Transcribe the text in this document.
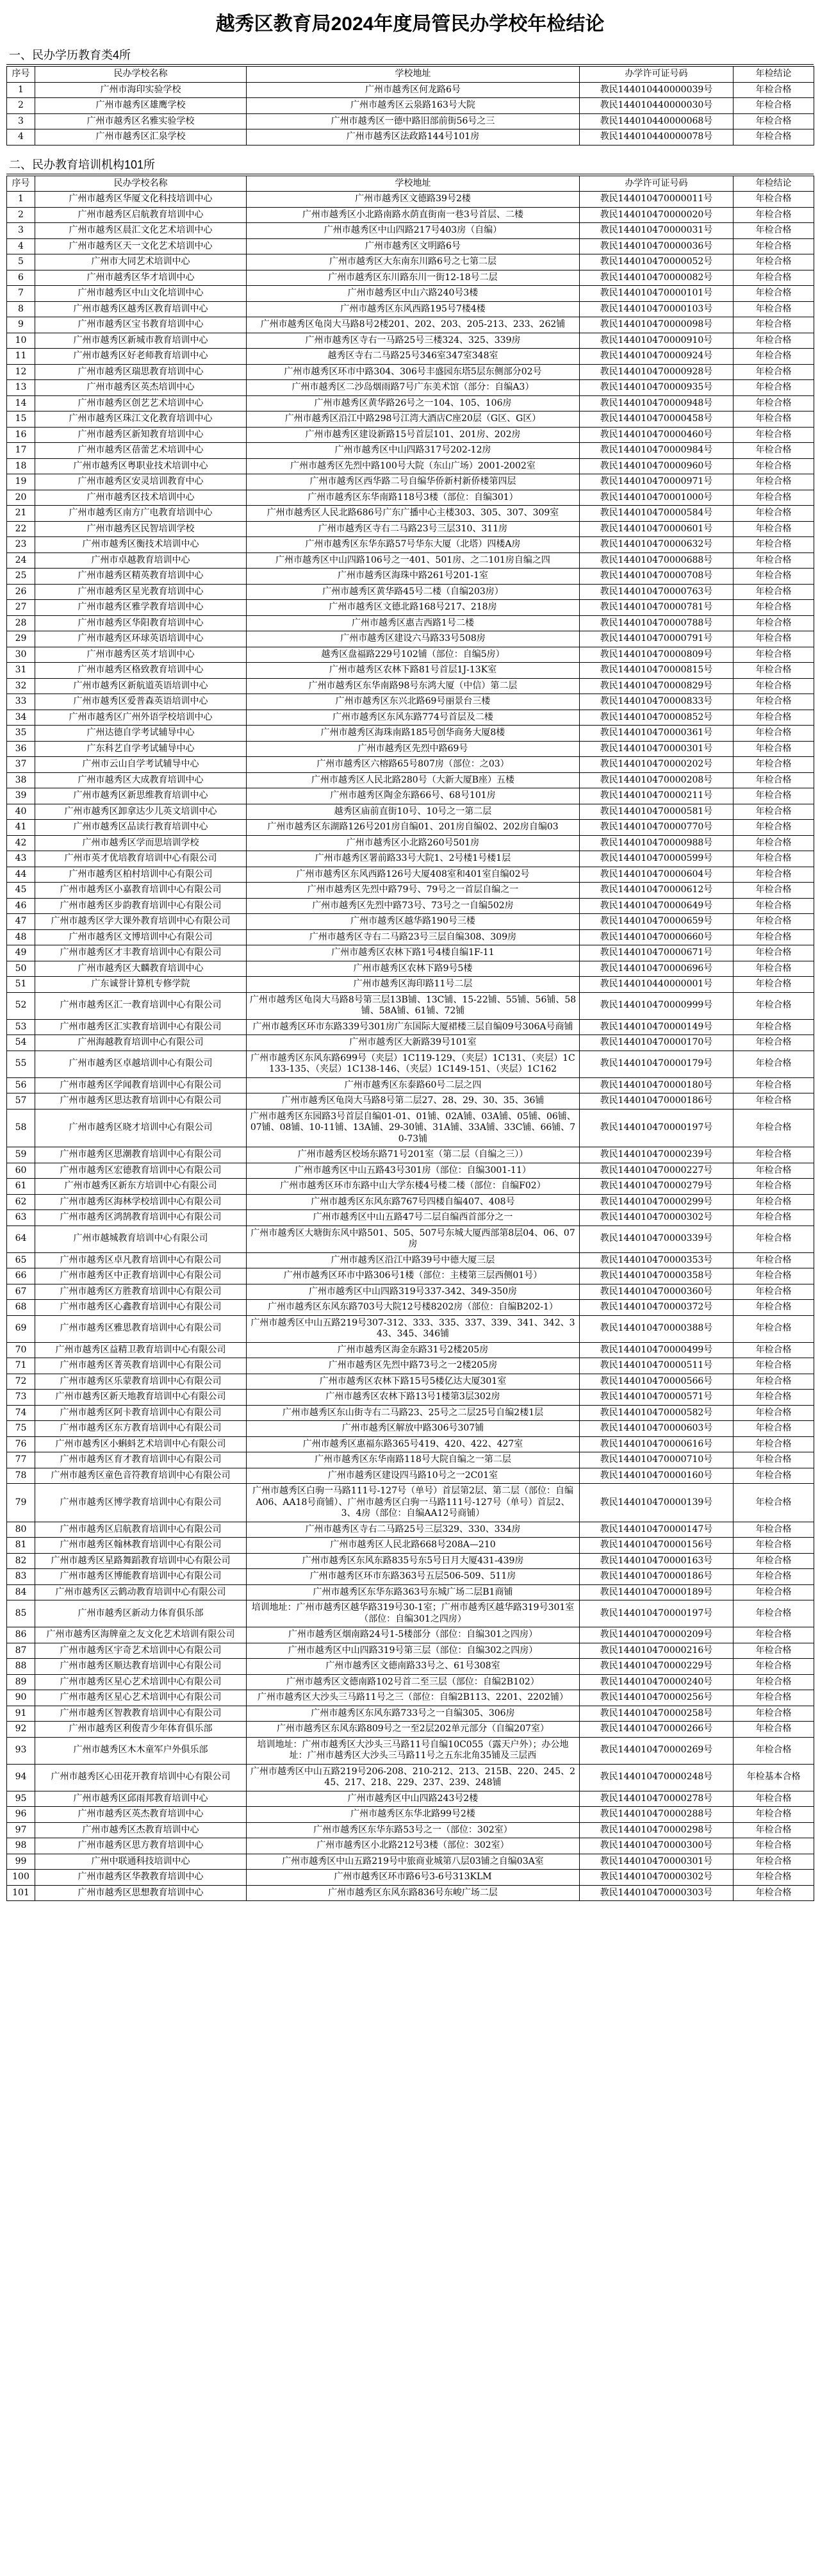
越秀区教育局2024年度局管民办学校年检结论
一、民办学历教育类4所
序号	民办学校名称	学校地址	办学许可证号码	年检结论
1	广州市海印实验学校	广州市越秀区何龙路6号	教民144010440000039号	年检合格
2	广州市越秀区雄鹰学校	广州市越秀区云泉路163号大院	教民144010440000030号	年检合格
3	广州市越秀区名雅实验学校	广州市越秀区一德中路旧部前街56号之三	教民144010440000068号	年检合格
4	广州市越秀区汇泉学校	广州市越秀区法政路144号101房	教民144010440000078号	年检合格
二、民办教育培训机构101所
序号	民办学校名称	学校地址	办学许可证号码	年检结论
1	广州市越秀区华厦文化科技培训中心	广州市越秀区文德路39号2楼	教民144010470000011号	年检合格
2	广州市越秀区启航教育培训中心	广州市越秀区小北路南路水荫直街南一巷3号首层、二楼	教民144010470000020号	年检合格
3	广州市越秀区晨汇文化艺术培训中心	广州市越秀区中山四路217号403房（自编）	教民144010470000031号	年检合格
4	广州市越秀区天一文化艺术培训中心	广州市越秀区文明路6号	教民144010470000036号	年检合格
5	广州市大同艺术培训中心	广州市越秀区大东南东川路6号之七第二层	教民144010470000052号	年检合格
6	广州市越秀区华才培训中心	广州市越秀区东川路东川一街12-18号二层	教民144010470000082号	年检合格
7	广州市越秀区中山文化培训中心	广州市越秀区中山六路240号3楼	教民144010470000101号	年检合格
8	广州市越秀区越秀区教育培训中心	广州市越秀区东风西路195号7楼4楼	教民144010470000103号	年检合格
9	广州市越秀区宝书教育培训中心	广州市越秀区龟岗大马路8号2楼201、202、203、205-213、233、262铺	教民144010470000098号	年检合格
10	广州市越秀区新城市教育培训中心	广州市越秀区寺右一马路25号三楼324、325、339房	教民144010470000910号	年检合格
11	广州市越秀区好老师教育培训中心	越秀区寺右二马路25号346室347室348室	教民144010470000924号	年检合格
12	广州市越秀区瑞思教育培训中心	广州市越秀区环市中路304、306号丰盛园东塔5层东侧部分02号	教民144010470000928号	年检合格
13	广州市越秀区英杰培训中心	广州市越秀区二沙岛烟雨路7号广东美术馆（部分：自编A3）	教民144010470000935号	年检合格
14	广州市越秀区创艺艺术培训中心	广州市越秀区黄华路26号之一104、105、106房	教民144010470000948号	年检合格
15	广州市越秀区珠江文化教育培训中心	广州市越秀区沿江中路298号江湾大酒店C座20层（G区、G区）	教民144010470000458号	年检合格
16	广州市越秀区新知教育培训中心	广州市越秀区建设新路15号首层101、201房、202房	教民144010470000460号	年检合格
17	广州市越秀区蓓蕾艺术培训中心	广州市越秀区中山四路317号202-12房	教民144010470000984号	年检合格
18	广州市越秀区粤职业技术培训中心	广州市越秀区先烈中路100号大院（东山广场）2001-2002室	教民144010470000960号	年检合格
19	广州市越秀区安灵培训教育中心	广州市越秀区西华路二号自编华侨新村新侨楼第四层	教民144010470000971号	年检合格
20	广州市越秀区技术培训中心	广州市越秀区东华南路118号3楼（部位：自编301）	教民144010470001000号	年检合格
21	广州市越秀区南方广电教育培训中心	广州市越秀区人民北路686号广东广播中心主楼303、305、307、309室	教民144010470000584号	年检合格
22	广州市越秀区民智培训学校	广州市越秀区寺右二马路23号三层310、311房	教民144010470000601号	年检合格
23	广州市越秀区衡技术培训中心	广州市越秀区东华东路57号华东大厦（北塔）四楼A房	教民144010470000632号	年检合格
24	广州市卓越教育培训中心	广州市越秀区中山四路106号之一401、501房、之二101房自编之四	教民144010470000688号	年检合格
25	广州市越秀区精英教育培训中心	广州市越秀区海珠中路261号201-1室	教民144010470000708号	年检合格
26	广州市越秀区星光教育培训中心	广州市越秀区黄华路45号二楼（自编203房）	教民144010470000763号	年检合格
27	广州市越秀区雅学教育培训中心	广州市越秀区文德北路168号217、218房	教民144010470000781号	年检合格
28	广州市越秀区华阳教育培训中心	广州市越秀区惠吉西路1号二楼	教民144010470000788号	年检合格
29	广州市越秀区环球英语培训中心	广州市越秀区建设六马路33号508房	教民144010470000791号	年检合格
30	广州市越秀区英才培训中心	越秀区盘福路229号102铺（部位：自编5房）	教民144010470000809号	年检合格
31	广州市越秀区格致教育培训中心	广州市越秀区农林下路81号首层1J-13K室	教民144010470000815号	年检合格
32	广州市越秀区新航道英语培训中心	广州市越秀区东华南路98号东鸿大厦（中信）第二层	教民144010470000829号	年检合格
33	广州市越秀区爱普森英语培训中心	广州市越秀区东兴北路69号丽景台三楼	教民144010470000833号	年检合格
34	广州市越秀区广州外语学校培训中心	广州市越秀区东风东路774号首层及二楼	教民144010470000852号	年检合格
35	广州达德自学考试辅导中心	广州市越秀区海珠南路185号创华商务大厦8楼	教民144010470000361号	年检合格
36	广东科艺自学考试辅导中心	广州市越秀区先烈中路69号	教民144010470000301号	年检合格
37	广州市云山自学考试辅导中心	广州市越秀区六榕路65号807房（部位：之03）	教民144010470000202号	年检合格
38	广州市越秀区大成教育培训中心	广州市越秀区人民北路280号（大新大厦B座）五楼	教民144010470000208号	年检合格
39	广州市越秀区新思维教育培训中心	广州市越秀区陶金东路66号、68号101房	教民144010470000211号	年检合格
40	广州市越秀区卸拿达少儿英文培训中心	越秀区庙前直街10号、10号之一第二层	教民144010470000581号	年检合格
41	广州市越秀区品读行教育培训中心	广州市越秀区东湖路126号201房自编01、201房自编02、202房自编03	教民144010470000770号	年检合格
42	广州市越秀区学而思培训学校	广州市越秀区小北路260号501房	教民144010470000988号	年检合格
43	广州市英才优培教育培训中心有限公司	广州市越秀区署前路33号大院1、2号楼1号楼1层	教民144010470000599号	年检合格
44	广州市越秀区柏村培训中心有限公司	广州市越秀区东风西路126号大厦408室和401室自编02号	教民144010470000604号	年检合格
45	广州市越秀区小嘉教育培训中心有限公司	广州市越秀区先烈中路79号、79号之一首层自编之一	教民144010470000612号	年检合格
46	广州市越秀区步韵教育培训中心有限公司	广州市越秀区先烈中路73号、73号之一自编502房	教民144010470000649号	年检合格
47	广州市越秀区学大课外教育培训中心有限公司	广州市越秀区越华路190号三楼	教民144010470000659号	年检合格
48	广州市越秀区文博培训中心有限公司	广州市越秀区寺右二马路23号三层自编308、309房	教民144010470000660号	年检合格
49	广州市越秀区才丰教育培训中心有限公司	广州市越秀区农林下路1号4楼自编1F-11	教民144010470000671号	年检合格
50	广州市越秀区大麟教育培训中心	广州市越秀区农林下路9号5楼	教民144010470000696号	年检合格
51	广东诚誉计算机专修学院	广州市越秀区海印路11号二层	教民144010440000001号	年检合格
52	广州市越秀区汇一教育培训中心有限公司	广州市越秀区龟岗大马路8号第三层13B铺、13C铺、15-22铺、55铺、56铺、58铺、58A铺、61铺、72铺	教民144010470000999号	年检合格
53	广州市越秀区汇实教育培训中心有限公司	广州市越秀区环市东路339号301房广东国际大厦裙楼三层自编09号306A号商铺	教民144010470000149号	年检合格
54	广州海越教育培训中心有限公司	广州市越秀区大新路39号101室	教民144010470000170号	年检合格
55	广州市越秀区卓越培训中心有限公司	广州市越秀区东风东路699号（夹层）1C119-129、（夹层）1C131、（夹层）1C133-135、（夹层）1C138-146、（夹层）1C149-151、（夹层）1C162	教民144010470000179号	年检合格
56	广州市越秀区学闻教育培训中心有限公司	广州市越秀区东泰路60号二层之四	教民144010470000180号	年检合格
57	广州市越秀区思达教育培训中心有限公司	广州市越秀区龟岗大马路8号第二层27、28、29、30、35、36铺	教民144010470000186号	年检合格
58	广州市越秀区晓才培训中心有限公司	广州市越秀区东园路3号首层自编01-01、01铺、02A铺、03A铺、05铺、06铺、07铺、08铺、10-11铺、13A铺、29-30铺、31A铺、33A铺、33C铺、66铺、70-73铺	教民144010470000197号	年检合格
59	广州市越秀区思潮教育培训中心有限公司	广州市越秀区校场东路71号201室（第二层（自编之三））	教民144010470000239号	年检合格
60	广州市越秀区宏德教育培训中心有限公司	广州市越秀区中山五路43号301房（部位：自编3001-11）	教民144010470000227号	年检合格
61	广州市越秀区新东方培训中心有限公司	广州市越秀区环市东路中山大学东楼4号楼二楼（部位：自编F02）	教民144010470000279号	年检合格
62	广州市越秀区海林学校培训中心有限公司	广州市越秀区东风东路767号四楼自编407、408号	教民144010470000299号	年检合格
63	广州市越秀区鸿鹄教育培训中心有限公司	广州市越秀区中山五路47号二层自编西首部分之一	教民144010470000302号	年检合格
64	广州市越城教育培训中心有限公司	广州市越秀区大塘街东风中路501、505、507号东城大厦西部第8层04、06、07房	教民144010470000339号	年检合格
65	广州市越秀区卓凡教育培训中心有限公司	广州市越秀区沿江中路39号中德大厦三层	教民144010470000353号	年检合格
66	广州市越秀区中正教育培训中心有限公司	广州市越秀区环市中路306号1楼（部位：主楼第三层西侧01号）	教民144010470000358号	年检合格
67	广州市越秀区方胜教育培训中心有限公司	广州市越秀区中山四路319号337-342、349-350房	教民144010470000360号	年检合格
68	广州市越秀区心鑫教育培训中心有限公司	广州市越秀区东风东路703号大院12号楼8202房（部位：自编B202-1）	教民144010470000372号	年检合格
69	广州市越秀区雅思教育培训中心有限公司	广州市越秀区中山五路219号307-312、333、335、337、339、341、342、343、345、346铺	教民144010470000388号	年检合格
70	广州市越秀区益精卫教育培训中心有限公司	广州市越秀区海金东路31号2楼205房	教民144010470000499号	年检合格
71	广州市越秀区菁英教育培训中心有限公司	广州市越秀区先烈中路73号之一2楼205房	教民144010470000511号	年检合格
72	广州市越秀区乐蒙教育培训中心有限公司	广州市越秀区农林下路15号5楼亿达大厦301室	教民144010470000566号	年检合格
73	广州市越秀区新天地教育培训中心有限公司	广州市越秀区农林下路13号1楼第3层302房	教民144010470000571号	年检合格
74	广州市越秀区阿卡教育培训中心有限公司	广州市越秀区东山街寺右二马路23、25号之二层25号自编2楼1层	教民144010470000582号	年检合格
75	广州市越秀区东方教育培训中心有限公司	广州市越秀区解放中路306号307铺	教民144010470000603号	年检合格
76	广州市越秀区小蝌蚪艺术培训中心有限公司	广州市越秀区惠福东路365号419、420、422、427室	教民144010470000616号	年检合格
77	广州市越秀区育才教育培训中心有限公司	广州市越秀区东华南路118号大院自编之一第二层	教民144010470000710号	年检合格
78	广州市越秀区童色音符教育培训中心有限公司	广州市越秀区建设四马路10号之一2C01室	教民144010470000160号	年检合格
79	广州市越秀区博学教育培训中心有限公司	广州市越秀区白驹一马路111号-127号（单号）首层第2层、第二层（部位：自编A06、AA18号商铺）、广州市越秀区白驹一马路111号-127号（单号）首层2、3、4房（部位：自编AA12号商铺）	教民144010470000139号	年检合格
80	广州市越秀区启航教育培训中心有限公司	广州市越秀区寺右二马路25号三层329、330、334房	教民144010470000147号	年检合格
81	广州市越秀区翰林教育培训中心有限公司	广州市越秀区人民北路668号208A—210	教民144010470000156号	年检合格
82	广州市越秀区星路舞蹈教育培训中心有限公司	广州市越秀区东风东路835号东5号日月大厦431-439房	教民144010470000163号	年检合格
83	广州市越秀区博能教育培训中心有限公司	广州市越秀区环市东路363号五层506-509、511房	教民144010470000186号	年检合格
84	广州市越秀区云鹤动教育培训中心有限公司	广州市越秀区东华东路363号东城广场二层B1商铺	教民144010470000189号	年检合格
85	广州市越秀区新动力体育俱乐部	培训地址：广州市越秀区越华路319号30-1室；广州市越秀区越华路319号301室（部位：自编301之四房）	教民144010470000197号	年检合格
86	广州市越秀区海牌童之友文化艺术培训有限公司	广州市越秀区烟南路24号1-5楼部分（部位：自编301之四房）	教民144010470000209号	年检合格
87	广州市越秀区宇奇艺术培训中心有限公司	广州市越秀区中山四路319号第三层（部位：自编302之四房）	教民144010470000216号	年检合格
88	广州市越秀区顺达教育培训中心有限公司	广州市越秀区文德南路33号之、61号308室	教民144010470000229号	年检合格
89	广州市越秀区星心艺术培训中心有限公司	广州市越秀区文德南路102号首二至三层（部位：自编2B102）	教民144010470000240号	年检合格
90	广州市越秀区星心艺术培训中心有限公司	广州市越秀区大沙头三马路11号之三（部位：自编2B113、2201、2202铺）	教民144010470000256号	年检合格
91	广州市越秀区智教教育培训中心有限公司	广州市越秀区东风东路733号之一自编305、306房	教民144010470000258号	年检合格
92	广州市越秀区利俊青少年体育俱乐部	广州市越秀区东风东路809号之一至2层202单元部分（自编207室）	教民144010470000266号	年检合格
93	广州市越秀区木木童军户外俱乐部	培训地址：广州市越秀区大沙头三马路11号自编10C055（露天户外）；办公地址：广州市越秀区大沙头三马路11号之五东北角35铺及三层西	教民144010470000269号	年检合格
94	广州市越秀区心田花开教育培训中心有限公司	广州市越秀区中山五路219号206-208、210-212、213、215B、220、245、245、217、218、229、237、239、248铺	教民144010470000248号	年检基本合格
95	广州市越秀区邱雨邦教育培训中心	广州市越秀区中山四路243号2楼	教民144010470000278号	年检合格
96	广州市越秀区英杰教育培训中心	广州市越秀区东华北路99号2楼	教民144010470000288号	年检合格
97	广州市越秀区杰教育培训中心	广州市越秀区东华东路53号之一（部位：302室）	教民144010470000298号	年检合格
98	广州市越秀区思方教育培训中心	广州市越秀区小北路212号3楼（部位：302室）	教民144010470000300号	年检合格
99	广州中联通科技培训中心	广州市越秀区中山五路219号中旅商业城第八层03铺之自编03A室	教民144010470000301号	年检合格
100	广州市越秀区华教教育培训中心	广州市越秀区环市路6号3-6号313KLM	教民144010470000302号	年检合格
101	广州市越秀区思想教育培训中心	广州市越秀区东风东路836号东峻广场二层	教民144010470000303号	年检合格
